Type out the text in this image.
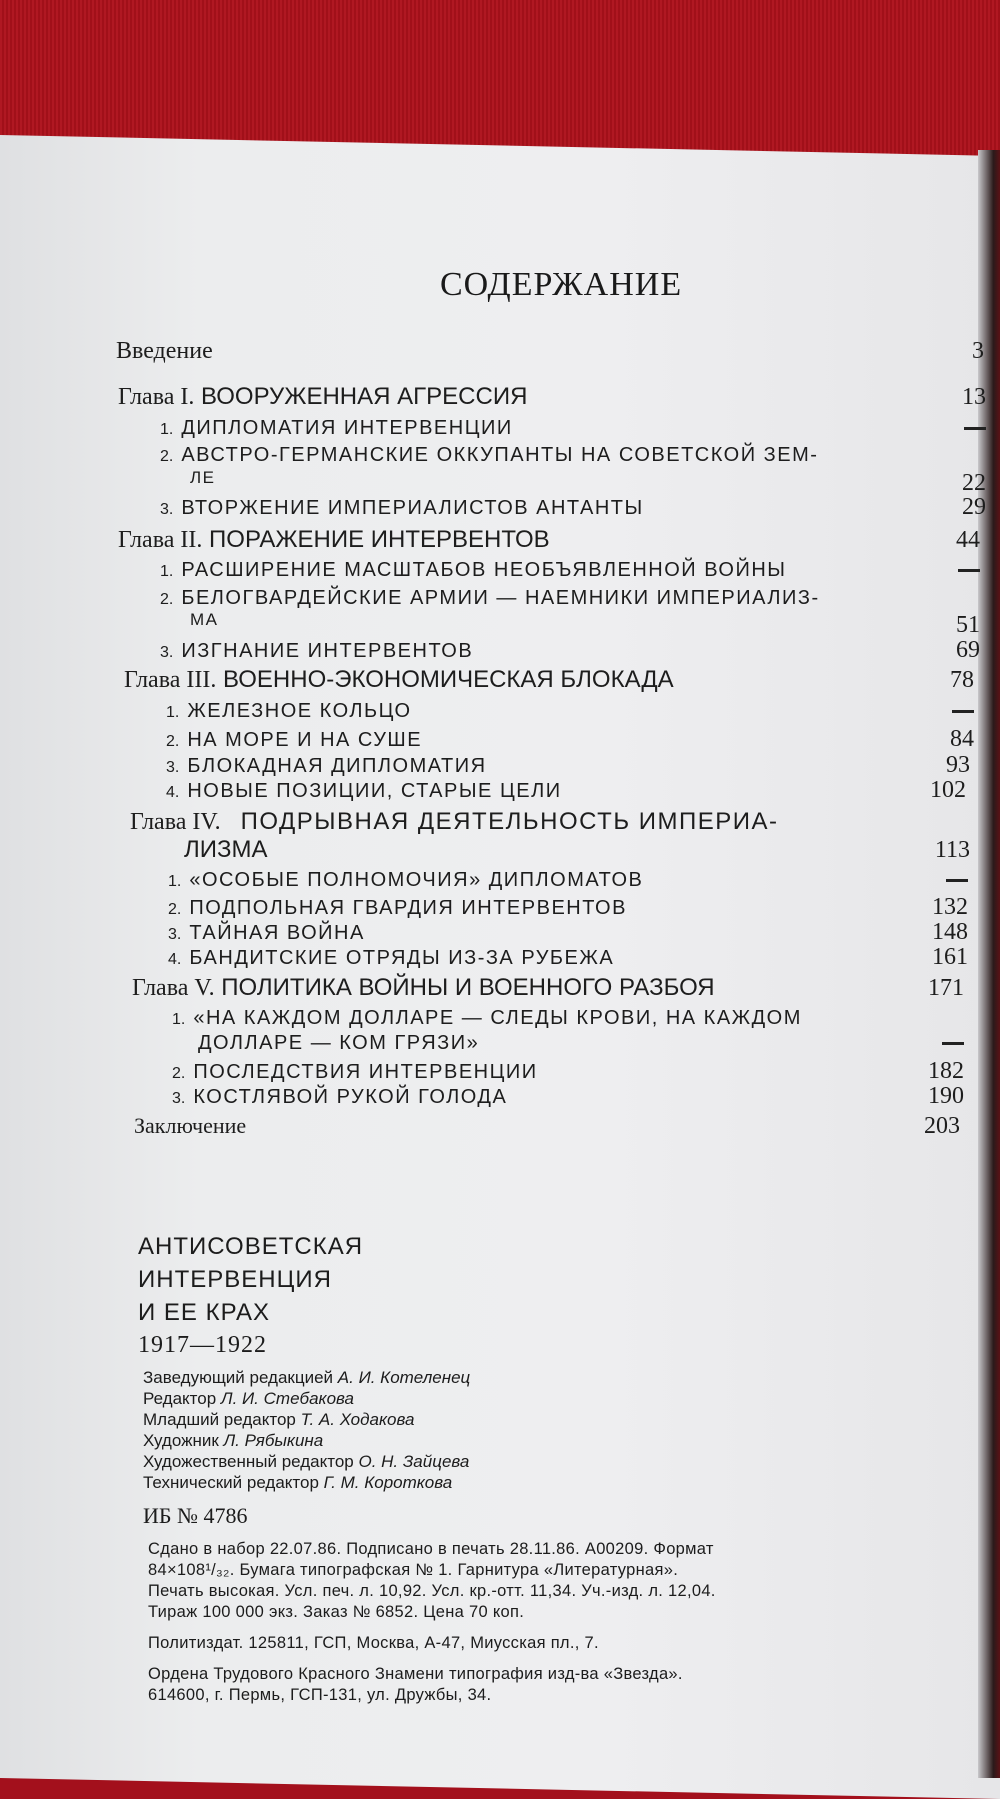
СОДЕРЖАНИЕ
Введение	3
Глава I. ВООРУЖЕННАЯ АГРЕССИЯ	13
1. ДИПЛОМАТИЯ ИНТЕРВЕНЦИИ
2. АВСТРО-ГЕРМАНСКИЕ ОККУПАНТЫ НА СОВЕТСКОЙ ЗЕМ-
ЛЕ	22
3. ВТОРЖЕНИЕ ИМПЕРИАЛИСТОВ АНТАНТЫ	29
Глава II. ПОРАЖЕНИЕ ИНТЕРВЕНТОВ	44
1. РАСШИРЕНИЕ МАСШТАБОВ НЕОБЪЯВЛЕННОЙ ВОЙНЫ
2. БЕЛОГВАРДЕЙСКИЕ АРМИИ — НАЕМНИКИ ИМПЕРИАЛИЗ-
МА	51
3. ИЗГНАНИЕ ИНТЕРВЕНТОВ	69
Глава III. ВОЕННО-ЭКОНОМИЧЕСКАЯ БЛОКАДА	78
1. ЖЕЛЕЗНОЕ КОЛЬЦО
2. НА МОРЕ И НА СУШЕ	84
3. БЛОКАДНАЯ ДИПЛОМАТИЯ	93
4. НОВЫЕ ПОЗИЦИИ, СТАРЫЕ ЦЕЛИ	102
Глава IV. ПОДРЫВНАЯ ДЕЯТЕЛЬНОСТЬ ИМПЕРИА-
ЛИЗМА	113
1. «ОСОБЫЕ ПОЛНОМОЧИЯ» ДИПЛОМАТОВ
2. ПОДПОЛЬНАЯ ГВАРДИЯ ИНТЕРВЕНТОВ	132
3. ТАЙНАЯ ВОЙНА	148
4. БАНДИТСКИЕ ОТРЯДЫ ИЗ-ЗА РУБЕЖА	161
Глава V. ПОЛИТИКА ВОЙНЫ И ВОЕННОГО РАЗБОЯ	171
1. «НА КАЖДОМ ДОЛЛАРЕ — СЛЕДЫ КРОВИ, НА КАЖДОМ
ДОЛЛАРЕ — КОМ ГРЯЗИ»
2. ПОСЛЕДСТВИЯ ИНТЕРВЕНЦИИ	182
3. КОСТЛЯВОЙ РУКОЙ ГОЛОДА	190
Заключение	203
АНТИСОВЕТСКАЯ
ИНТЕРВЕНЦИЯ
И ЕЕ КРАХ
1917—1922
Заведующий редакцией А. И. Котеленец
Редактор Л. И. Стебакова
Младший редактор Т. А. Ходакова
Художник Л. Рябыкина
Художественный редактор О. Н. Зайцева
Технический редактор Г. М. Короткова
ИБ № 4786
Сдано в набор 22.07.86. Подписано в печать 28.11.86. А00209. Формат
84×108¹/₃₂. Бумага типографская № 1. Гарнитура «Литературная».
Печать высокая. Усл. печ. л. 10,92. Усл. кр.-отт. 11,34. Уч.-изд. л. 12,04.
Тираж 100 000 экз. Заказ № 6852. Цена 70 коп.
Политиздат. 125811, ГСП, Москва, А-47, Миусская пл., 7.
Ордена Трудового Красного Знамени типография изд-ва «Звезда».
614600, г. Пермь, ГСП-131, ул. Дружбы, 34.
